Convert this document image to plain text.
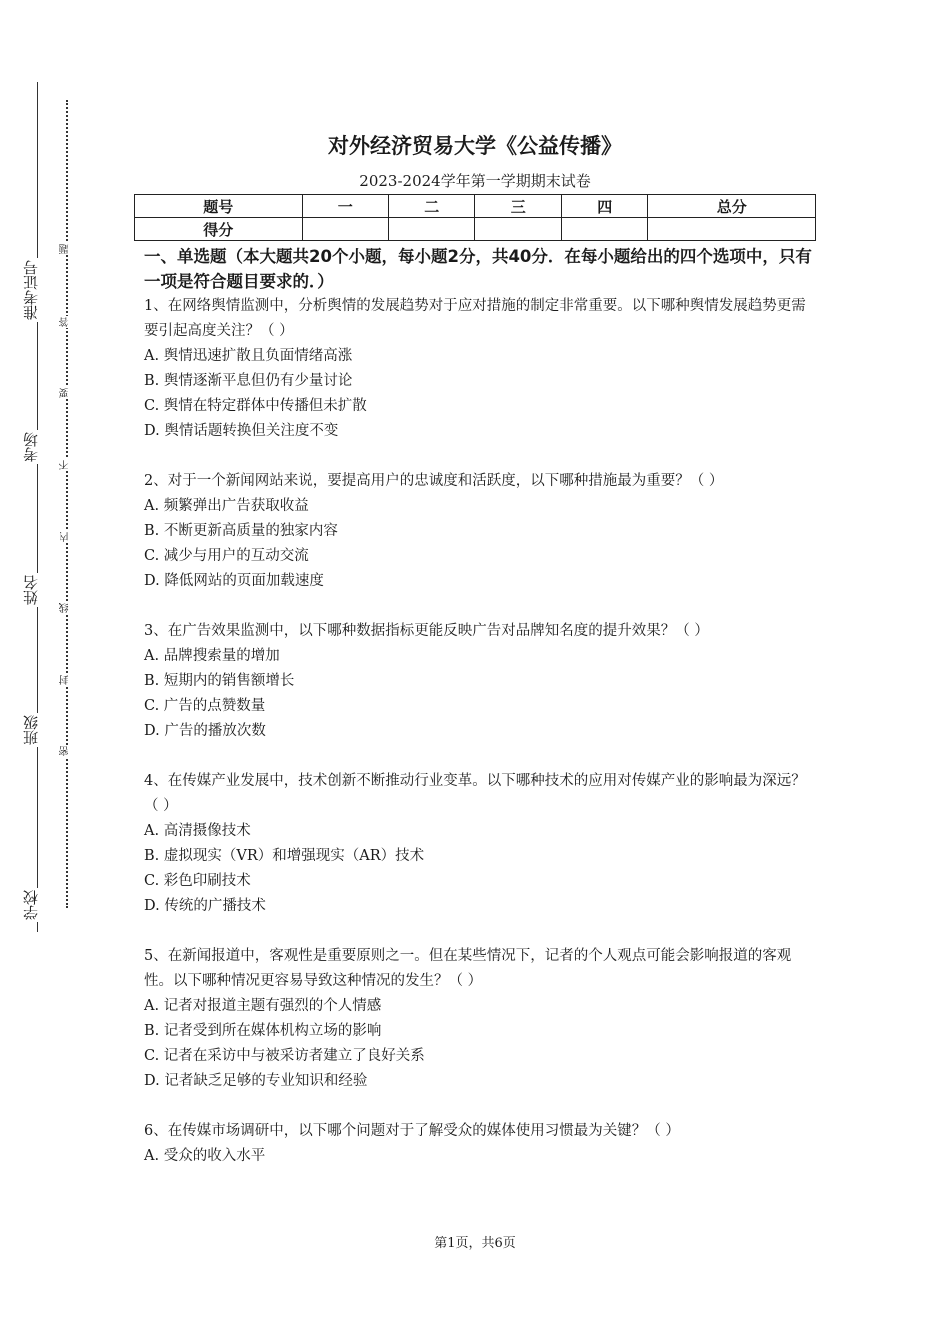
准考证号
考场
姓名
班级
学校
题
答
要
不
内
线
封
密
对外经济贸易大学《公益传播》
2023-2024学年第一学期期末试卷
题号	一	二	三	四	总分
得分					
一、单选题（本大题共20个小题，每小题2分，共40分．在每小题给出的四个选项中，只有一项是符合题目要求的．）
1、在网络舆情监测中，分析舆情的发展趋势对于应对措施的制定非常重要。以下哪种舆情发展趋势更需要引起高度关注？（ ）
A. 舆情迅速扩散且负面情绪高涨
B. 舆情逐渐平息但仍有少量讨论
C. 舆情在特定群体中传播但未扩散
D. 舆情话题转换但关注度不变
2、对于一个新闻网站来说，要提高用户的忠诚度和活跃度，以下哪种措施最为重要？（ ）
A. 频繁弹出广告获取收益
B. 不断更新高质量的独家内容
C. 减少与用户的互动交流
D. 降低网站的页面加载速度
3、在广告效果监测中，以下哪种数据指标更能反映广告对品牌知名度的提升效果？（ ）
A. 品牌搜索量的增加
B. 短期内的销售额增长
C. 广告的点赞数量
D. 广告的播放次数
4、在传媒产业发展中，技术创新不断推动行业变革。以下哪种技术的应用对传媒产业的影响最为深远？（ ）
A. 高清摄像技术
B. 虚拟现实（VR）和增强现实（AR）技术
C. 彩色印刷技术
D. 传统的广播技术
5、在新闻报道中，客观性是重要原则之一。但在某些情况下，记者的个人观点可能会影响报道的客观性。以下哪种情况更容易导致这种情况的发生？（ ）
A. 记者对报道主题有强烈的个人情感
B. 记者受到所在媒体机构立场的影响
C. 记者在采访中与被采访者建立了良好关系
D. 记者缺乏足够的专业知识和经验
6、在传媒市场调研中，以下哪个问题对于了解受众的媒体使用习惯最为关键？（ ）
A. 受众的收入水平
第1页，共6页
